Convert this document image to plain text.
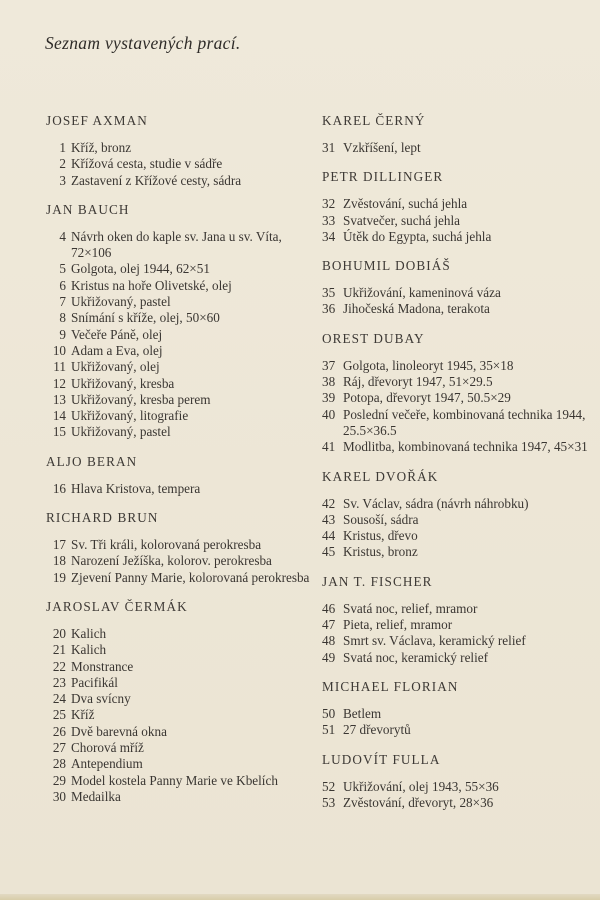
Seznam vystavených prací.
JOSEF AXMAN
1 Kříž, bronz
2 Křížová cesta, studie v sádře
3 Zastavení z Křížové cesty, sádra
JAN BAUCH
4 Návrh oken do kaple sv. Jana u sv. Víta, 72×106
5 Golgota, olej 1944, 62×51
6 Kristus na hoře Olivetské, olej
7 Ukřižovaný, pastel
8 Snímání s kříže, olej, 50×60
9 Večeře Páně, olej
10 Adam a Eva, olej
11 Ukřižovaný, olej
12 Ukřižovaný, kresba
13 Ukřižovaný, kresba perem
14 Ukřižovaný, litografie
15 Ukřižovaný, pastel
ALJO BERAN
16 Hlava Kristova, tempera
RICHARD BRUN
17 Sv. Tři králi, kolorovaná perokresba
18 Narození Ježíška, kolorov. perokresba
19 Zjevení Panny Marie, kolorovaná perokresba
JAROSLAV ČERMÁK
20 Kalich
21 Kalich
22 Monstrance
23 Pacifikál
24 Dva svícny
25 Kříž
26 Dvě barevná okna
27 Chorová mříž
28 Antependium
29 Model kostela Panny Marie ve Kbelích
30 Medailka
KAREL ČERNÝ
31 Vzkříšení, lept
PETR DILLINGER
32 Zvěstování, suchá jehla
33 Svatvečer, suchá jehla
34 Útěk do Egypta, suchá jehla
BOHUMIL DOBIÁŠ
35 Ukřižování, kameninová váza
36 Jihočeská Madona, terakota
OREST DUBAY
37 Golgota, linoleoryt 1945, 35×18
38 Ráj, dřevoryt 1947, 51×29.5
39 Potopa, dřevoryt 1947, 50.5×29
40 Poslední večeře, kombinovaná technika 1944, 25.5×36.5
41 Modlitba, kombinovaná technika 1947, 45×31
KAREL DVOŘÁK
42 Sv. Václav, sádra (návrh náhrobku)
43 Sousoší, sádra
44 Kristus, dřevo
45 Kristus, bronz
JAN T. FISCHER
46 Svatá noc, relief, mramor
47 Pieta, relief, mramor
48 Smrt sv. Václava, keramický relief
49 Svatá noc, keramický relief
MICHAEL FLORIAN
50 Betlem
51 27 dřevorytů
LUDOVÍT FULLA
52 Ukřižování, olej 1943, 55×36
53 Zvěstování, dřevoryt, 28×36
